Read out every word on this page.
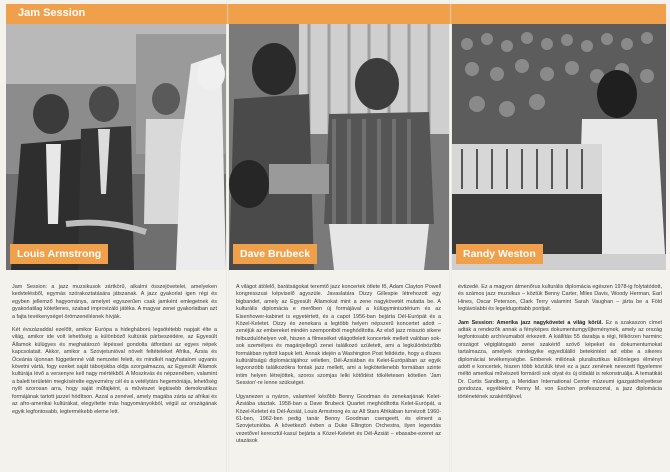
Jam Session
Louis Armstrong	Dave Brubeck	Randy Weston

Jam Session: a jazz muzsikusok zártkörű, alkalmi összejövetelei, amelyeken kedvtelésből, egymás szórakoztatására játszanak. A jazz gyakorlat igen régi és egyben jellemző hagyománya, amelyet egyszerűen csak jamként emlegetnek és gyakorlatilag kötetlenes, szabad improvizáló játéka. A magyar zenei gyakorlatban azt a fajta tevékenységet örömzenélésnek hívják.

Két évszázaddal ezelőtt, amikor Európa a hidegháború legsötétebb napjait élte a világ, amikor ide volt lehetőség a különböző kultúrák párbeszédére, az Egyesült Államok külügyes és meghatározó lépéssel gondolta átfordani az egyes népek kapcsolatait. Akkor, amikor a Szovjetunióval növelt feltételeket Afrika, Ázsia és Óceánia újonnan függetlenné vált nemzetei felett, és mindkét nagyhatalom ugyanis követni vártá, fogy ezeket saját táborjukba oldja szorgalmazza, az Egyesült Államok kultúrája lévő a versenyre kell nagy mértékből. A Moszkvás és népzenében, valamint a balett területén megkísérelte egyezmény cél és a vetélytárs hegemóniája, lehetőség nyílt szorosan arra, hogy saját műfajként, a művészet legkisebb demokratikus formájának tartott jazzel hódítson. Azzal a zenével, amely magába zárta az afrikai és az afro-amerikai kultúrákat, elegyítette más hagyományokból, végül az országának egyik legfontosabb, legtermékebb eleme lett.

A világot átölelő, barátságokat teremtő jazz koncertek ötlete fő, Adam Clayton Powell kongresszusi képviselő agyszüle. Javaslatára Dizzy Gillespie létrehozott egy bigbandet, amely az Egyesült Államokat mint a zene nagykövetét mutatta be. A kulturális diplomácia e merőben új formájával a külügyminisztérium és az Eisenhower-kabinet is egyetértett, és a capot 1956-ban bejárta Dél-Európát és a Közel-Keletet. Dizzy és zenekara a legtöbb helyen népszerű koncertet adott – zenéjük az embereket mindén szempontból meghódította. Az első jazz misszió sikere felbuzdulóhelyen volt, hiszen a filmeséket világotfelett koncertek mellett valóban sok-sok személyes és magánjellegű zenei találkozó született, ami a legkülönbözőbb formákban nyitott kapuk lett. Annak idején a Washington Post felidézte, hogy a díszes kultúráltságú diplomáciájához véletlen, Dél-Ázsiában és Kelet-Európában az egyik legvonzóbb találkozókra fontak jazz mellett, ami a legkötetlenebb formában szinte intim helyen létrejöttek, szoros szomjas lelki kötődést tökéletesen kötetlen 'Jam Session'-re lenne szükséget.

Ugyanezen a nyáron, valamivel később Benny Goodman és zenekarjának Kelet-Ázsiába utaztak. 1958-ban a Dave Brubeck Quartet meghódította Kelet-Európát, a Közel-Keletet és Dél-Ázsiát, Louis Armstrong és az All Stars Afrikában turnézott 1960-61-ben, 1962-ben pedig tanár Benny Goodman csengeett, és elment a Szovjetunióba. A következő évben a Duke Ellington Orchestra, ilyen legendás vezetővel keresztül-kasul bejárta a Közel-Keletet és Dél-Ázsiát – ebasabe-ezeret az utazások

évtizedé. Ez a magyon átmenőrus kulturális diplomácia egészen 1978-ig folytatódott, és számos jazz muzsikus – köztük Benny Carter, Miles Davis, Woody Herman, Earl Hines, Oscar Peterson, Clark Terry valamint Sarah Vaughan – járta be a Föld legtávolabbi és legeldugottabb pontjait.

Jam Session: Amerika jazz nagykövetei a világ körül. Ez a szakaszon címet adták a rendezők annak a fényképes dokumentumgyűjteménynek, amely az ország legfontosabb archívumaiból érkezett. A kiállítás 55 darabja a régi, félkörzen harminc országot végiglátogató zenei szakértő szövő képeket és dokumentumokat tartalmazza, amelyek mindegyike egyedülálló betekintést ad ebbe a sikeres diplomáciai tevékenységbe. Emberek miliónak pluralisztikus különleges élményt adott e koncertek, hiszen több közülük tévé ez a jazz zenének nevezett figyelemre méltó amerikai művészeti formáról sok olyat és új oldalát is rekonstruálja. A tematikát Dr. Curtis Sandberg, a Meridian International Center múzeumi igazgatóhelyettese gondozza, egyébként Penny M. von Eschen professzorral, a jazz diplomácia történetének szakértőjével.
